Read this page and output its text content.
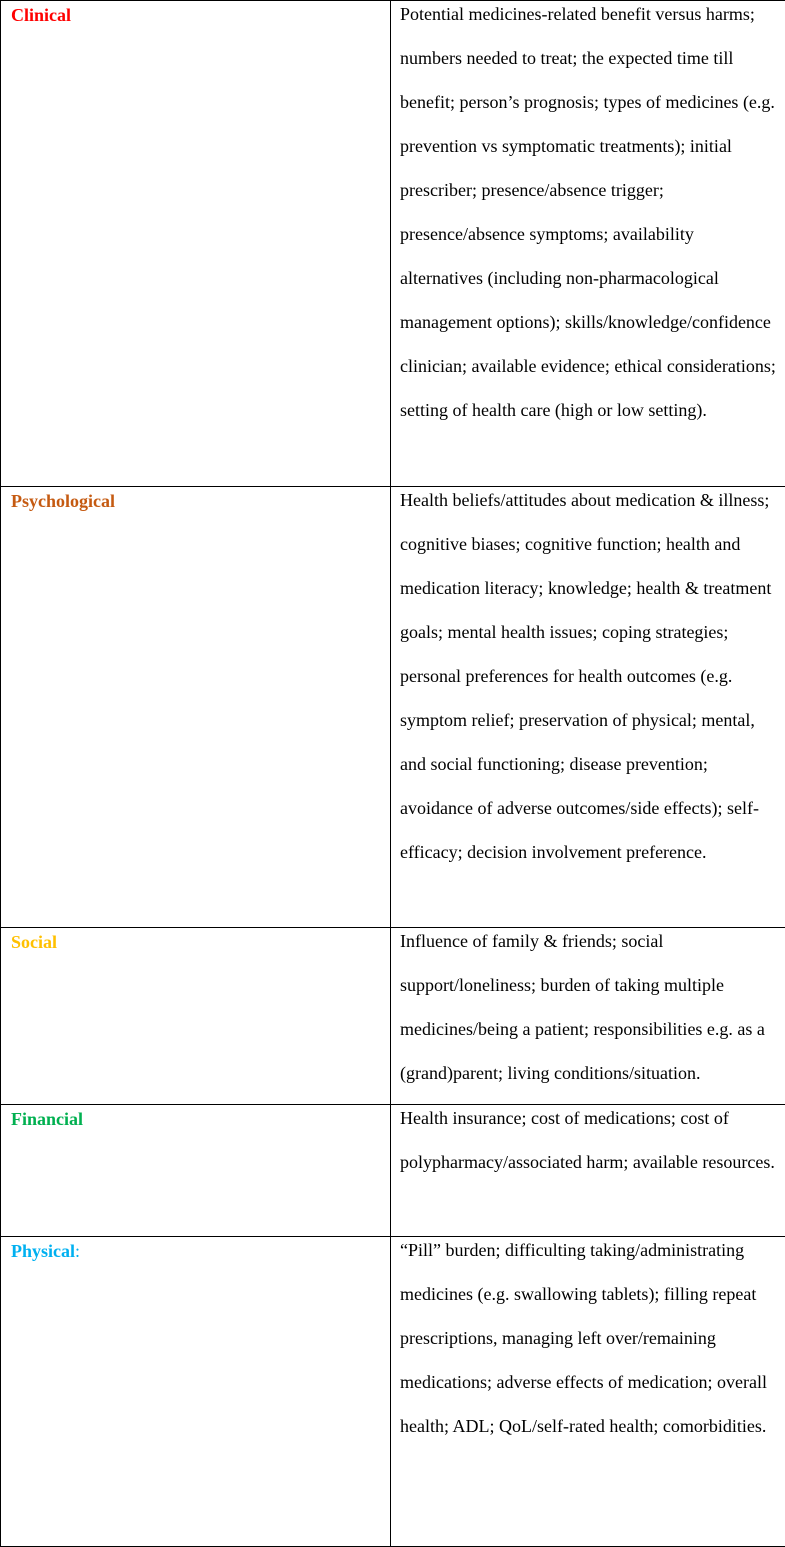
Clinical	Potential medicines-related benefit versus harms; numbers needed to treat; the expected time till benefit; person’s prognosis; types of medicines (e.g. prevention vs symptomatic treatments); initial prescriber; presence/absence trigger; presence/absence symptoms; availability alternatives (including non-pharmacological management options); skills/knowledge/confidence clinician; available evidence; ethical considerations; setting of health care (high or low setting).

Psychological	Health beliefs/attitudes about medication & illness; cognitive biases; cognitive function; health and medication literacy; knowledge; health & treatment goals; mental health issues; coping strategies; personal preferences for health outcomes (e.g. symptom relief; preservation of physical; mental, and social functioning; disease prevention; avoidance of adverse outcomes/side effects); self-efficacy; decision involvement preference.

Social	Influence of family & friends; social support/loneliness; burden of taking multiple medicines/being a patient; responsibilities e.g. as a (grand)parent; living conditions/situation.

Financial	Health insurance; cost of medications; cost of polypharmacy/associated harm; available resources.

Physical:	“Pill” burden; difficulting taking/administrating medicines (e.g. swallowing tablets); filling repeat prescriptions, managing left over/remaining medications; adverse effects of medication; overall health; ADL; QoL/self-rated health; comorbidities.
